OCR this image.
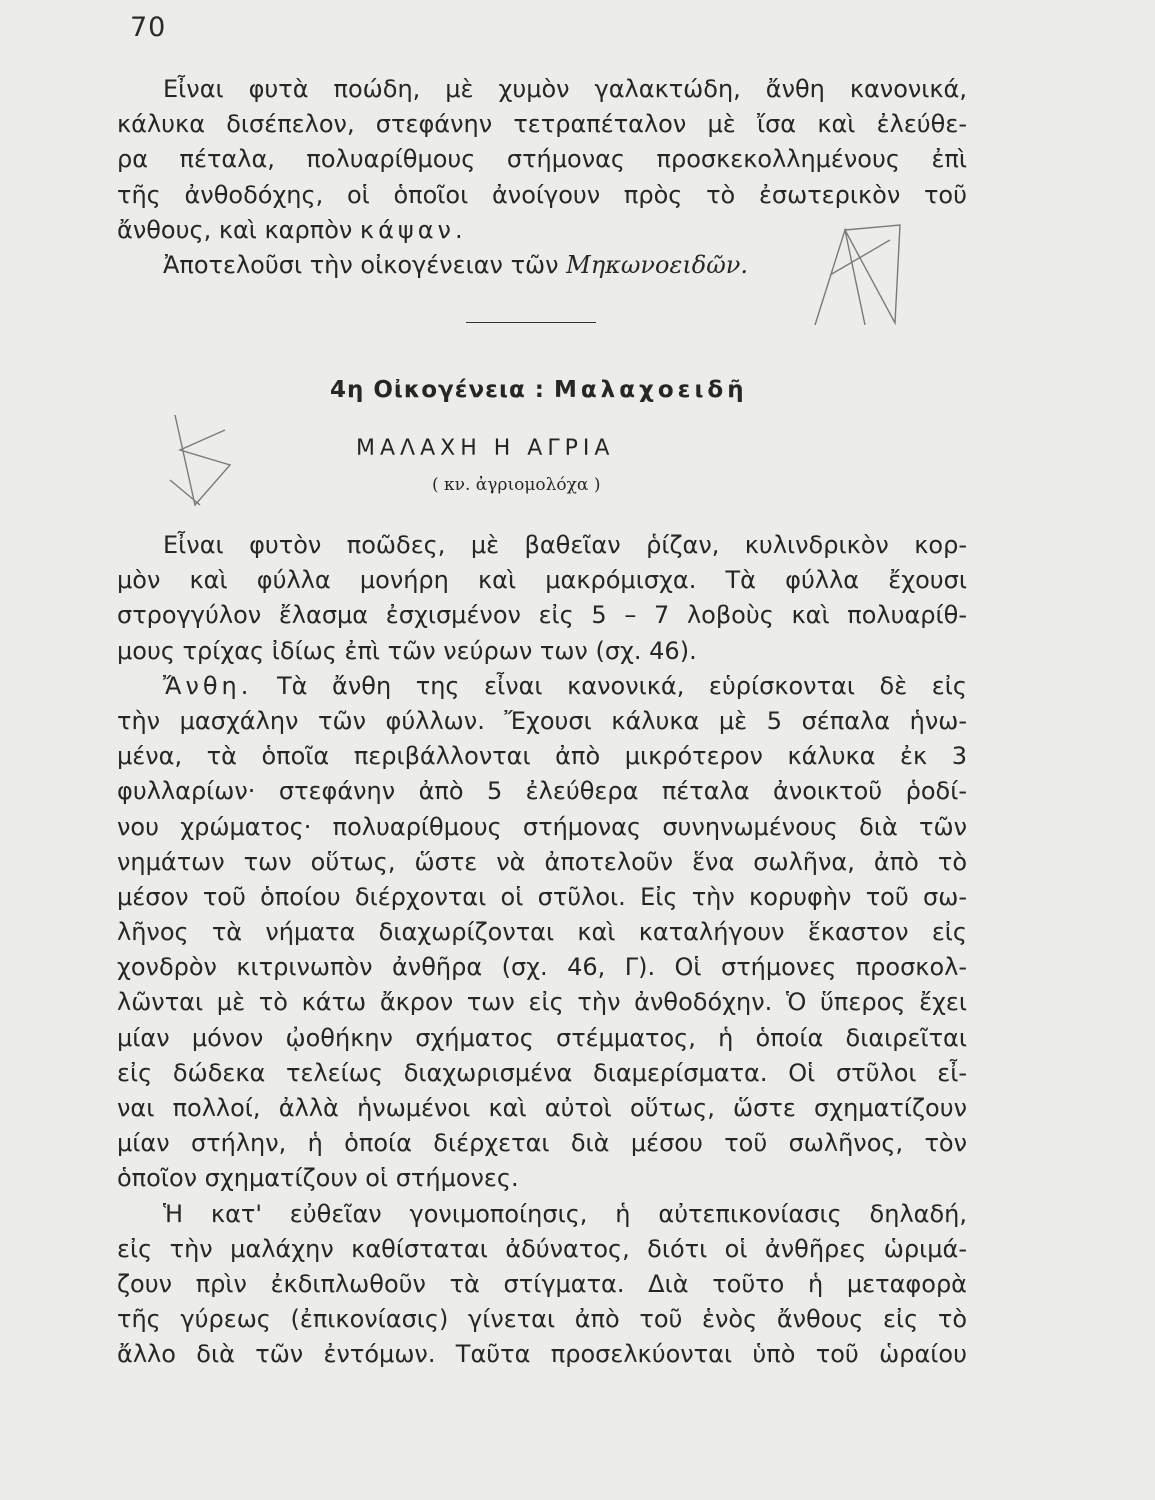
70
Εἶναι φυτὰ ποώδη, μὲ χυμὸν γαλακτώδη, ἄνθη κανονικά,
κάλυκα δισέπελον, στεφάνην τετραπέταλον μὲ ἴσα καὶ ἐλεύθε-
ρα πέταλα, πολυαρίθμους στήμονας προσκεκολλημένους ἐπὶ
τῆς ἀνθοδόχης, οἱ ὁποῖοι ἀνοίγουν πρὸς τὸ ἐσωτερικὸν τοῦ
ἄνθους, καὶ καρπὸν κάψαν.
Ἀποτελοῦσι τὴν οἰκογένειαν τῶν Μηκωνοειδῶν.
4η Οἰκογένεια : Μαλαχοειδῆ
ΜΑΛΑΧΗ Η ΑΓΡΙΑ
( κν. ἀγριομολόχα )
Εἶναι φυτὸν ποῶδες, μὲ βαθεῖαν ῥίζαν, κυλινδρικὸν κορ-
μὸν καὶ φύλλα μονήρη καὶ μακρόμισχα. Τὰ φύλλα ἔχουσι
στρογγύλον ἔλασμα ἐσχισμένον εἰς 5 – 7 λοβοὺς καὶ πολυαρίθ-
μους τρίχας ἰδίως ἐπὶ τῶν νεύρων των (σχ. 46).
Ἄνθη. Τὰ ἄνθη της εἶναι κανονικά, εὑρίσκονται δὲ εἰς
τὴν μασχάλην τῶν φύλλων. Ἔχουσι κάλυκα μὲ 5 σέπαλα ἡνω-
μένα, τὰ ὁποῖα περιβάλλονται ἀπὸ μικρότερον κάλυκα ἐκ 3
φυλλαρίων· στεφάνην ἀπὸ 5 ἐλεύθερα πέταλα ἀνοικτοῦ ῥοδί-
νου χρώματος· πολυαρίθμους στήμονας συνηνωμένους διὰ τῶν
νημάτων των οὕτως, ὥστε νὰ ἀποτελοῦν ἕνα σωλῆνα, ἀπὸ τὸ
μέσον τοῦ ὁποίου διέρχονται οἱ στῦλοι. Εἰς τὴν κορυφὴν τοῦ σω-
λῆνος τὰ νήματα διαχωρίζονται καὶ καταλήγουν ἕκαστον εἰς
χονδρὸν κιτρινωπὸν ἀνθῆρα (σχ. 46, Γ). Οἱ στήμονες προσκολ-
λῶνται μὲ τὸ κάτω ἄκρον των εἰς τὴν ἀνθοδόχην. Ὁ ὕπερος ἔχει
μίαν μόνον ᾠοθήκην σχήματος στέμματος, ἡ ὁποία διαιρεῖται
εἰς δώδεκα τελείως διαχωρισμένα διαμερίσματα. Οἱ στῦλοι εἶ-
ναι πολλοί, ἀλλὰ ἡνωμένοι καὶ αὐτοὶ οὕτως, ὥστε σχηματίζουν
μίαν στήλην, ἡ ὁποία διέρχεται διὰ μέσου τοῦ σωλῆνος, τὸν
ὁποῖον σχηματίζουν οἱ στήμονες.
Ἡ κατ' εὐθεῖαν γονιμοποίησις, ἡ αὐτεπικονίασις δηλαδή,
εἰς τὴν μαλάχην καθίσταται ἀδύνατος, διότι οἱ ἀνθῆρες ὡριμά-
ζουν πρὶν ἐκδιπλωθοῦν τὰ στίγματα. Διὰ τοῦτο ἡ μεταφορὰ
τῆς γύρεως (ἐπικονίασις) γίνεται ἀπὸ τοῦ ἑνὸς ἄνθους εἰς τὸ
ἄλλο διὰ τῶν ἐντόμων. Ταῦτα προσελκύονται ὑπὸ τοῦ ὡραίου
